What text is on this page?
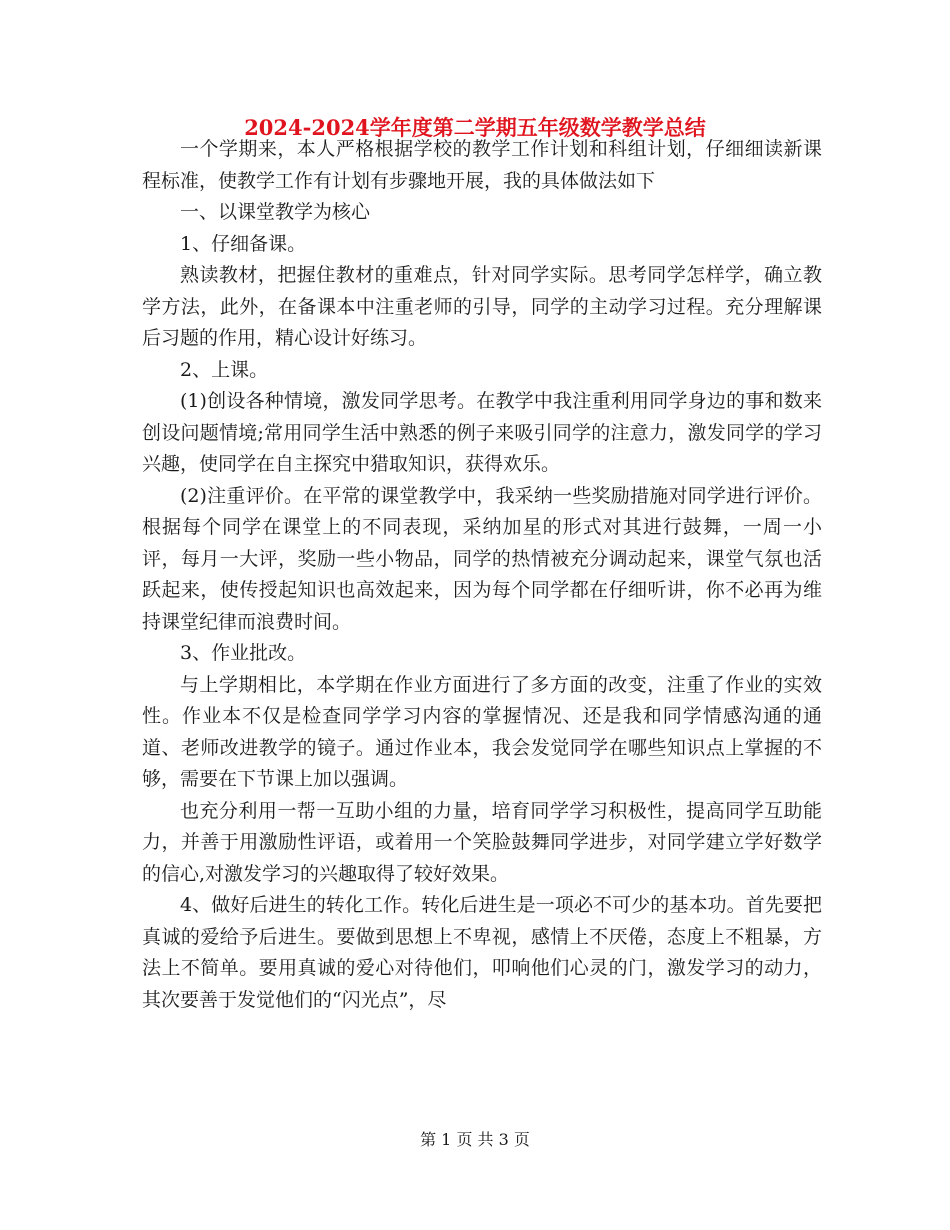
2024-2024学年度第二学期五年级数学教学总结

一个学期来，本人严格根据学校的教学工作计划和科组计划，仔细细读新课程标准，使教学工作有计划有步骤地开展，我的具体做法如下

一、以课堂教学为核心

1、仔细备课。

熟读教材，把握住教材的重难点，针对同学实际。思考同学怎样学，确立教学方法，此外，在备课本中注重老师的引导，同学的主动学习过程。充分理解课后习题的作用，精心设计好练习。

2、上课。

(1)创设各种情境，激发同学思考。在教学中我注重利用同学身边的事和数来创设问题情境;常用同学生活中熟悉的例子来吸引同学的注意力，激发同学的学习兴趣，使同学在自主探究中猎取知识，获得欢乐。

(2)注重评价。在平常的课堂教学中，我采纳一些奖励措施对同学进行评价。根据每个同学在课堂上的不同表现，采纳加星的形式对其进行鼓舞，一周一小评，每月一大评，奖励一些小物品，同学的热情被充分调动起来，课堂气氛也活跃起来，使传授起知识也高效起来，因为每个同学都在仔细听讲，你不必再为维持课堂纪律而浪费时间。

3、作业批改。

与上学期相比，本学期在作业方面进行了多方面的改变，注重了作业的实效性。作业本不仅是检查同学学习内容的掌握情况、还是我和同学情感沟通的通道、老师改进教学的镜子。通过作业本，我会发觉同学在哪些知识点上掌握的不够，需要在下节课上加以强调。

也充分利用一帮一互助小组的力量，培育同学学习积极性，提高同学互助能力，并善于用激励性评语，或着用一个笑脸鼓舞同学进步，对同学建立学好数学的信心,对激发学习的兴趣取得了较好效果。

4、做好后进生的转化工作。转化后进生是一项必不可少的基本功。首先要把真诚的爱给予后进生。要做到思想上不卑视，感情上不厌倦，态度上不粗暴，方法上不简单。要用真诚的爱心对待他们，叩响他们心灵的门，激发学习的动力，其次要善于发觉他们的“闪光点”，尽

第 1 页 共 3 页
